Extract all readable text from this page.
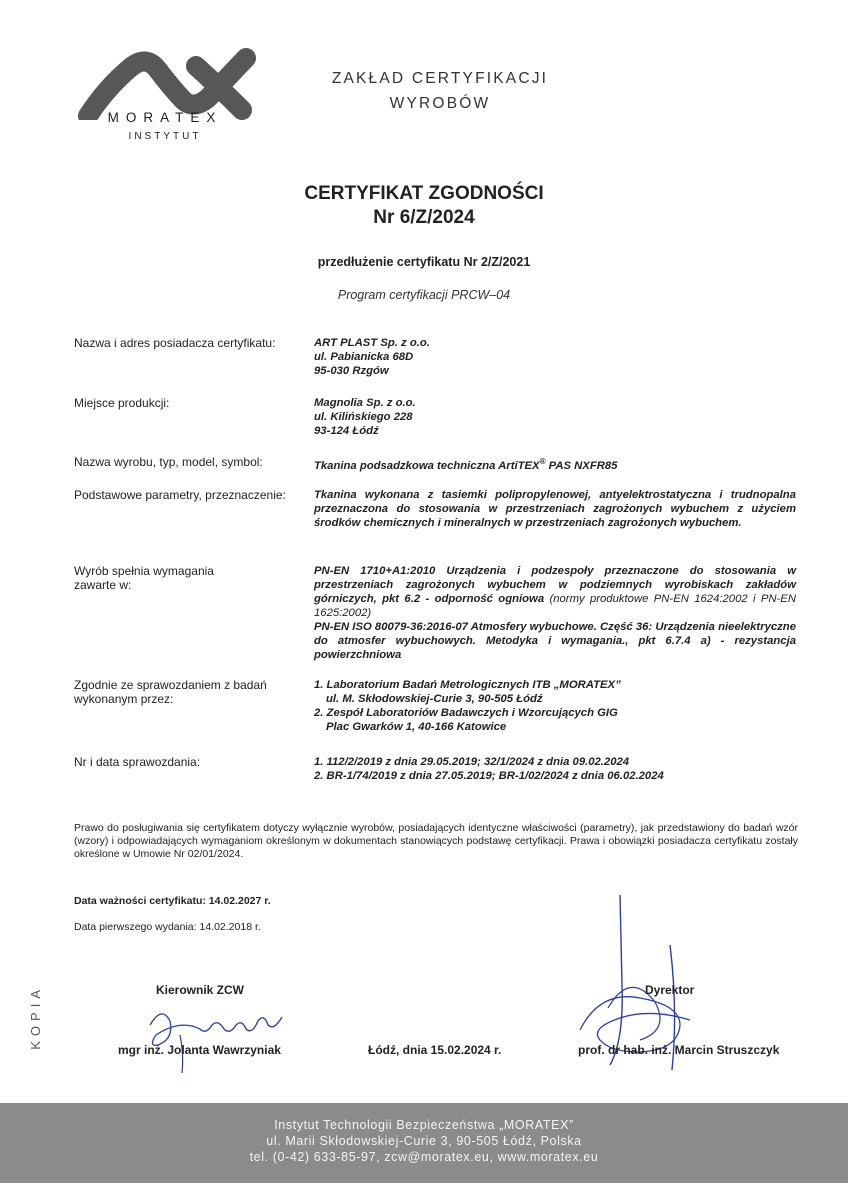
MORATEX
INSTYTUT
ZAKŁAD CERTYFIKACJI
WYROBÓW
CERTYFIKAT ZGODNOŚCI
Nr 6/Z/2024
przedłużenie certyfikatu Nr 2/Z/2021
Program certyfikacji PRCW–04
Nazwa i adres posiadacza certyfikatu:	ART PLAST Sp. z o.o.
ul. Pabianicka 68D
95-030 Rzgów
Miejsce produkcji:	Magnolia Sp. z o.o.
ul. Kilińskiego 228
93-124 Łódź
Nazwa wyrobu, typ, model, symbol:	Tkanina podsadzkowa techniczna ArtiTEX® PAS NXFR85
Podstawowe parametry, przeznaczenie:	Tkanina wykonana z tasiemki polipropylenowej, antyelektrostatyczna i trudnopalna przeznaczona do stosowania w przestrzeniach zagrożonych wybuchem z użyciem środków chemicznych i mineralnych w przestrzeniach zagrożonych wybuchem.
Wyrób spełnia wymagania
zawarte w:
PN-EN 1710+A1:2010 Urządzenia i podzespoły przeznaczone do stosowania w przestrzeniach zagrożonych wybuchem w podziemnych wyrobiskach zakładów górniczych, pkt 6.2 - odporność ogniowa (normy produktowe PN-EN 1624:2002 i PN-EN 1625:2002)
PN-EN ISO 80079-36:2016-07 Atmosfery wybuchowe. Część 36: Urządzenia nieelektryczne do atmosfer wybuchowych. Metodyka i wymagania., pkt 6.7.4 a) - rezystancja powierzchniowa
Zgodnie ze sprawozdaniem z badań
wykonanym przez:
1. Laboratorium Badań Metrologicznych ITB „MORATEX”
ul. M. Skłodowskiej-Curie 3, 90-505 Łódź
2. Zespół Laboratoriów Badawczych i Wzorcujących GIG
Plac Gwarków 1, 40-166 Katowice
Nr i data sprawozdania:	1. 112/2/2019 z dnia 29.05.2019; 32/1/2024 z dnia 09.02.2024
2. BR-1/74/2019 z dnia 27.05.2019; BR-1/02/2024 z dnia 06.02.2024
Prawo do posługiwania się certyfikatem dotyczy wyłącznie wyrobów, posiadających identyczne właściwości (parametry), jak przedstawiony do badań wzór (wzory) i odpowiadających wymaganiom określonym w dokumentach stanowiących podstawę certyfikacji. Prawa i obowiązki posiadacza certyfikatu zostały określone w Umowie Nr 02/01/2024.
Data ważności certyfikatu: 14.02.2027 r.
Data pierwszego wydania: 14.02.2018 r.
KOPIA	Kierownik ZCW
mgr inż. Jolanta Wawrzyniak	Łódź, dnia 15.02.2024 r.
Dyrektor
prof. dr hab. inż. Marcin Struszczyk
Instytut Technologii Bezpieczeństwa „MORATEX”
ul. Marii Skłodowskiej-Curie 3, 90-505 Łódź, Polska
tel. (0-42) 633-85-97, zcw@moratex.eu, www.moratex.eu
